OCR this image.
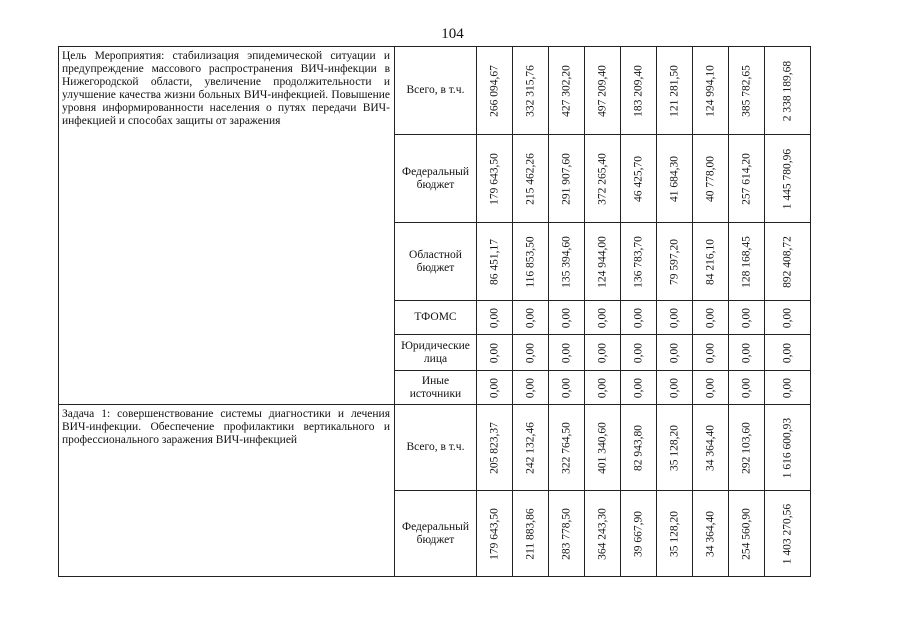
104
Цель Мероприятия: стабилизация эпидемической ситуации и предупреждение массового распространения ВИЧ-инфекции в Нижегородской области, увеличение продолжительности и улучшение качества жизни больных ВИЧ-инфекцией. Повышение уровня информированности населения о путях передачи ВИЧ-инфекцией и способах защиты от заражения	Всего, в т.ч.	266 094,67	332 315,76	427 302,20	497 209,40	183 209,40	121 281,50	124 994,10	385 782,65	2 338 189,68

	Федеральный бюджет	179 643,50	215 462,26	291 907,60	372 265,40	46 425,70	41 684,30	40 778,00	257 614,20	1 445 780,96

	Областной бюджет	86 451,17	116 853,50	135 394,60	124 944,00	136 783,70	79 597,20	84 216,10	128 168,45	892 408,72

	ТФОМС	0,00	0,00	0,00	0,00	0,00	0,00	0,00	0,00	0,00

	Юридические лица	0,00	0,00	0,00	0,00	0,00	0,00	0,00	0,00	0,00

	Иные источники	0,00	0,00	0,00	0,00	0,00	0,00	0,00	0,00	0,00

Задача 1: совершенствование системы диагностики и лечения ВИЧ-инфекции. Обеспечение профилактики вертикального и профессионального заражения ВИЧ-инфекцией	Всего, в т.ч.	205 823,37	242 132,46	322 764,50	401 340,60	82 943,80	35 128,20	34 364,40	292 103,60	1 616 600,93

	Федеральный бюджет	179 643,50	211 883,86	283 778,50	364 243,30	39 667,90	35 128,20	34 364,40	254 560,90	1 403 270,56
